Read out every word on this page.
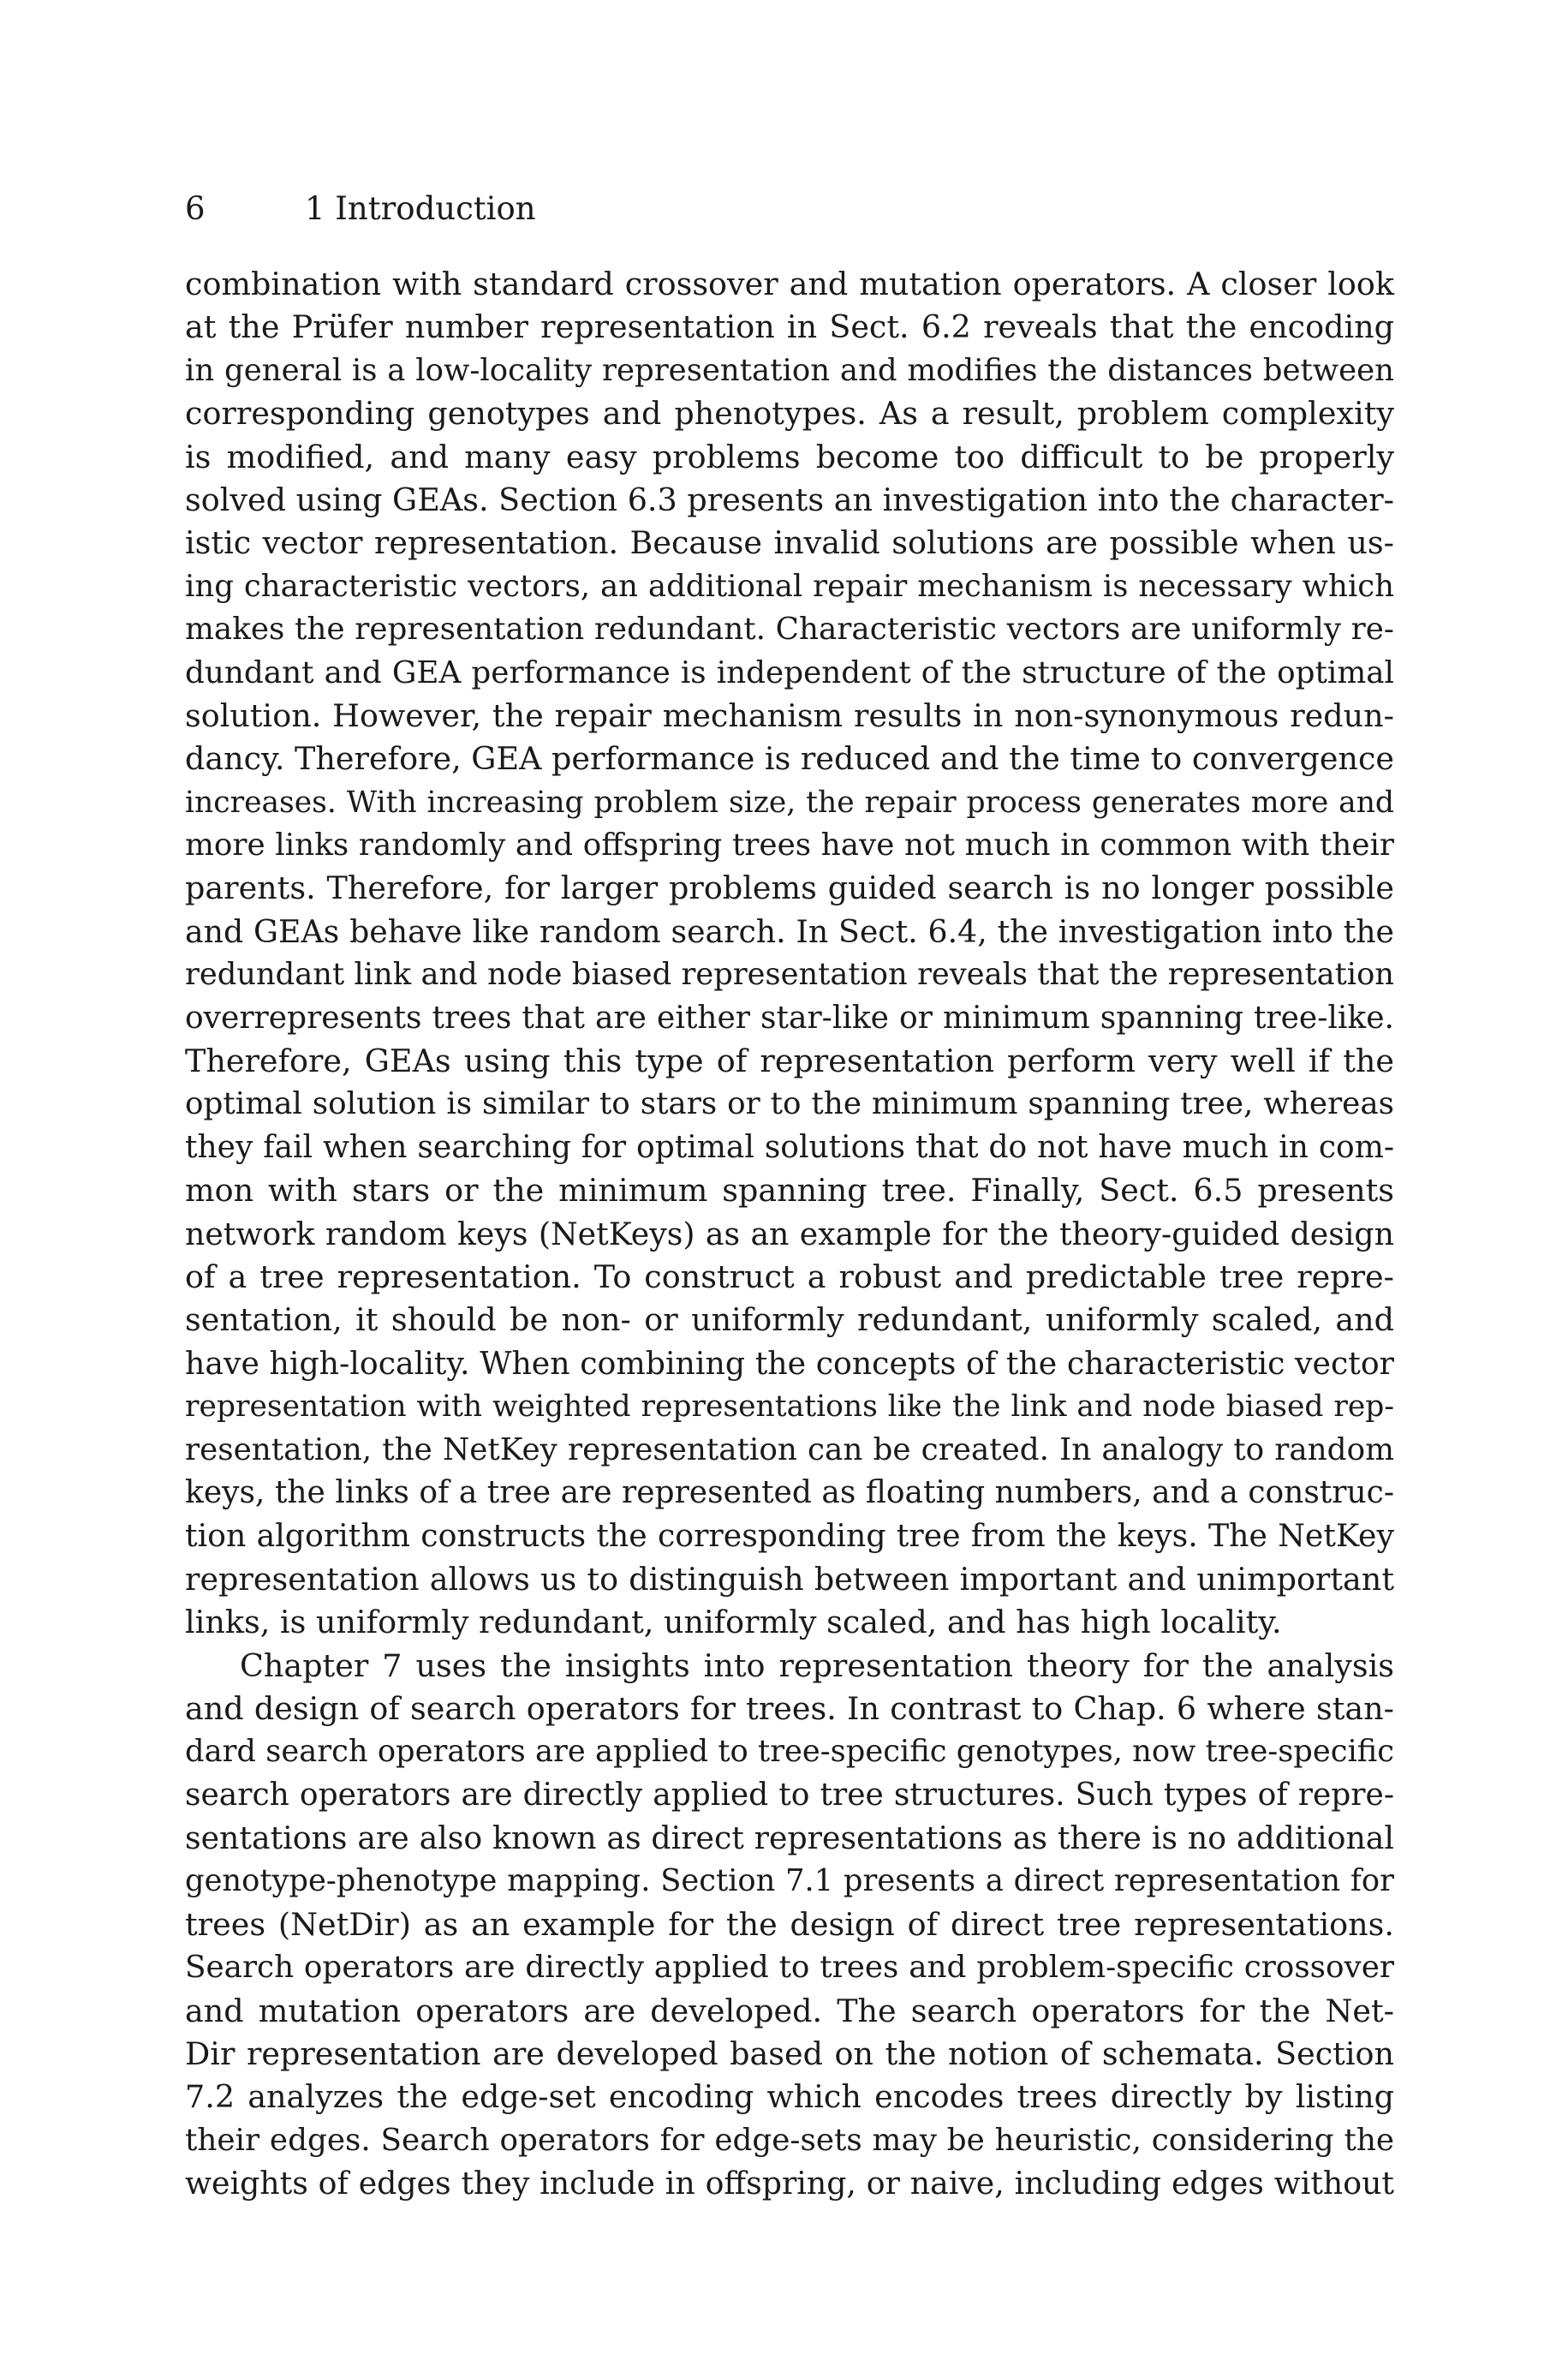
6	1 Introduction
combination with standard crossover and mutation operators. A closer look
at the Prüfer number representation in Sect. 6.2 reveals that the encoding
in general is a low-locality representation and modifies the distances between
corresponding genotypes and phenotypes. As a result, problem complexity
is modified, and many easy problems become too difficult to be properly
solved using GEAs. Section 6.3 presents an investigation into the character-
istic vector representation. Because invalid solutions are possible when us-
ing characteristic vectors, an additional repair mechanism is necessary which
makes the representation redundant. Characteristic vectors are uniformly re-
dundant and GEA performance is independent of the structure of the optimal
solution. However, the repair mechanism results in non-synonymous redun-
dancy. Therefore, GEA performance is reduced and the time to convergence
increases. With increasing problem size, the repair process generates more and
more links randomly and offspring trees have not much in common with their
parents. Therefore, for larger problems guided search is no longer possible
and GEAs behave like random search. In Sect. 6.4, the investigation into the
redundant link and node biased representation reveals that the representation
overrepresents trees that are either star-like or minimum spanning tree-like.
Therefore, GEAs using this type of representation perform very well if the
optimal solution is similar to stars or to the minimum spanning tree, whereas
they fail when searching for optimal solutions that do not have much in com-
mon with stars or the minimum spanning tree. Finally, Sect. 6.5 presents
network random keys (NetKeys) as an example for the theory-guided design
of a tree representation. To construct a robust and predictable tree repre-
sentation, it should be non- or uniformly redundant, uniformly scaled, and
have high-locality. When combining the concepts of the characteristic vector
representation with weighted representations like the link and node biased rep-
resentation, the NetKey representation can be created. In analogy to random
keys, the links of a tree are represented as floating numbers, and a construc-
tion algorithm constructs the corresponding tree from the keys. The NetKey
representation allows us to distinguish between important and unimportant
links, is uniformly redundant, uniformly scaled, and has high locality.
Chapter 7 uses the insights into representation theory for the analysis
and design of search operators for trees. In contrast to Chap. 6 where stan-
dard search operators are applied to tree-specific genotypes, now tree-specific
search operators are directly applied to tree structures. Such types of repre-
sentations are also known as direct representations as there is no additional
genotype-phenotype mapping. Section 7.1 presents a direct representation for
trees (NetDir) as an example for the design of direct tree representations.
Search operators are directly applied to trees and problem-specific crossover
and mutation operators are developed. The search operators for the Net-
Dir representation are developed based on the notion of schemata. Section
7.2 analyzes the edge-set encoding which encodes trees directly by listing
their edges. Search operators for edge-sets may be heuristic, considering the
weights of edges they include in offspring, or naive, including edges without
